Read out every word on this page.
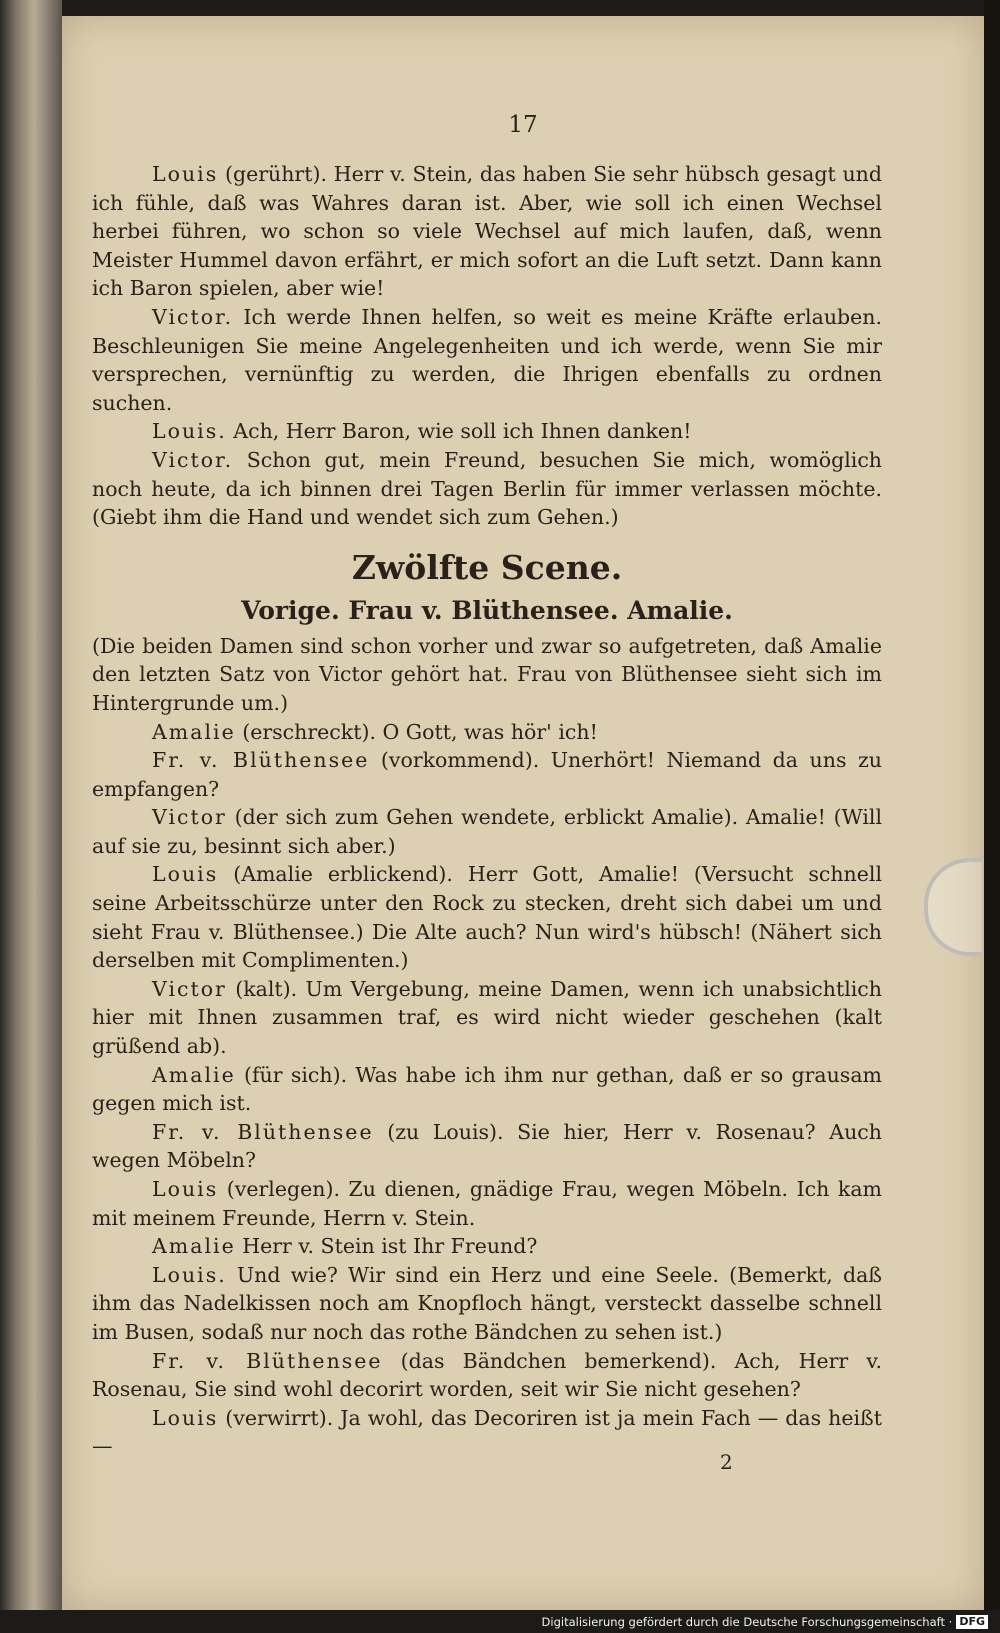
17

Louis (gerührt). Herr v. Stein, das haben Sie sehr hübsch gesagt und ich fühle, daß was Wahres daran ist. Aber, wie soll ich einen Wechsel herbei führen, wo schon so viele Wechsel auf mich laufen, daß, wenn Meister Hummel davon erfährt, er mich sofort an die Luft setzt. Dann kann ich Baron spielen, aber wie!

Victor. Ich werde Ihnen helfen, so weit es meine Kräfte erlauben. Beschleunigen Sie meine Angelegenheiten und ich werde, wenn Sie mir versprechen, vernünftig zu werden, die Ihrigen ebenfalls zu ordnen suchen.

Louis. Ach, Herr Baron, wie soll ich Ihnen danken!

Victor. Schon gut, mein Freund, besuchen Sie mich, womöglich noch heute, da ich binnen drei Tagen Berlin für immer verlassen möchte. (Giebt ihm die Hand und wendet sich zum Gehen.)

Zwölfte Scene.
Vorige. Frau v. Blüthensee. Amalie.

(Die beiden Damen sind schon vorher und zwar so aufgetreten, daß Amalie den letzten Satz von Victor gehört hat. Frau von Blüthensee sieht sich im Hintergrunde um.)

Amalie (erschreckt). O Gott, was hör' ich!

Fr. v. Blüthensee (vorkommend). Unerhört! Niemand da uns zu empfangen?

Victor (der sich zum Gehen wendete, erblickt Amalie). Amalie! (Will auf sie zu, besinnt sich aber.)

Louis (Amalie erblickend). Herr Gott, Amalie! (Versucht schnell seine Arbeitsschürze unter den Rock zu stecken, dreht sich dabei um und sieht Frau v. Blüthensee.) Die Alte auch? Nun wird's hübsch! (Nähert sich derselben mit Complimenten.)

Victor (kalt). Um Vergebung, meine Damen, wenn ich unabsichtlich hier mit Ihnen zusammen traf, es wird nicht wieder geschehen (kalt grüßend ab).

Amalie (für sich). Was habe ich ihm nur gethan, daß er so grausam gegen mich ist.

Fr. v. Blüthensee (zu Louis). Sie hier, Herr v. Rosenau? Auch wegen Möbeln?

Louis (verlegen). Zu dienen, gnädige Frau, wegen Möbeln. Ich kam mit meinem Freunde, Herrn v. Stein.

Amalie Herr v. Stein ist Ihr Freund?

Louis. Und wie? Wir sind ein Herz und eine Seele. (Bemerkt, daß ihm das Nadelkissen noch am Knopfloch hängt, versteckt dasselbe schnell im Busen, sodaß nur noch das rothe Bändchen zu sehen ist.)

Fr. v. Blüthensee (das Bändchen bemerkend). Ach, Herr v. Rosenau, Sie sind wohl decorirt worden, seit wir Sie nicht gesehen?

Louis (verwirrt). Ja wohl, das Decoriren ist ja mein Fach — das heißt —

2
Digitalisierung gefördert durch die Deutsche Forschungsgemeinschaft · DFG
